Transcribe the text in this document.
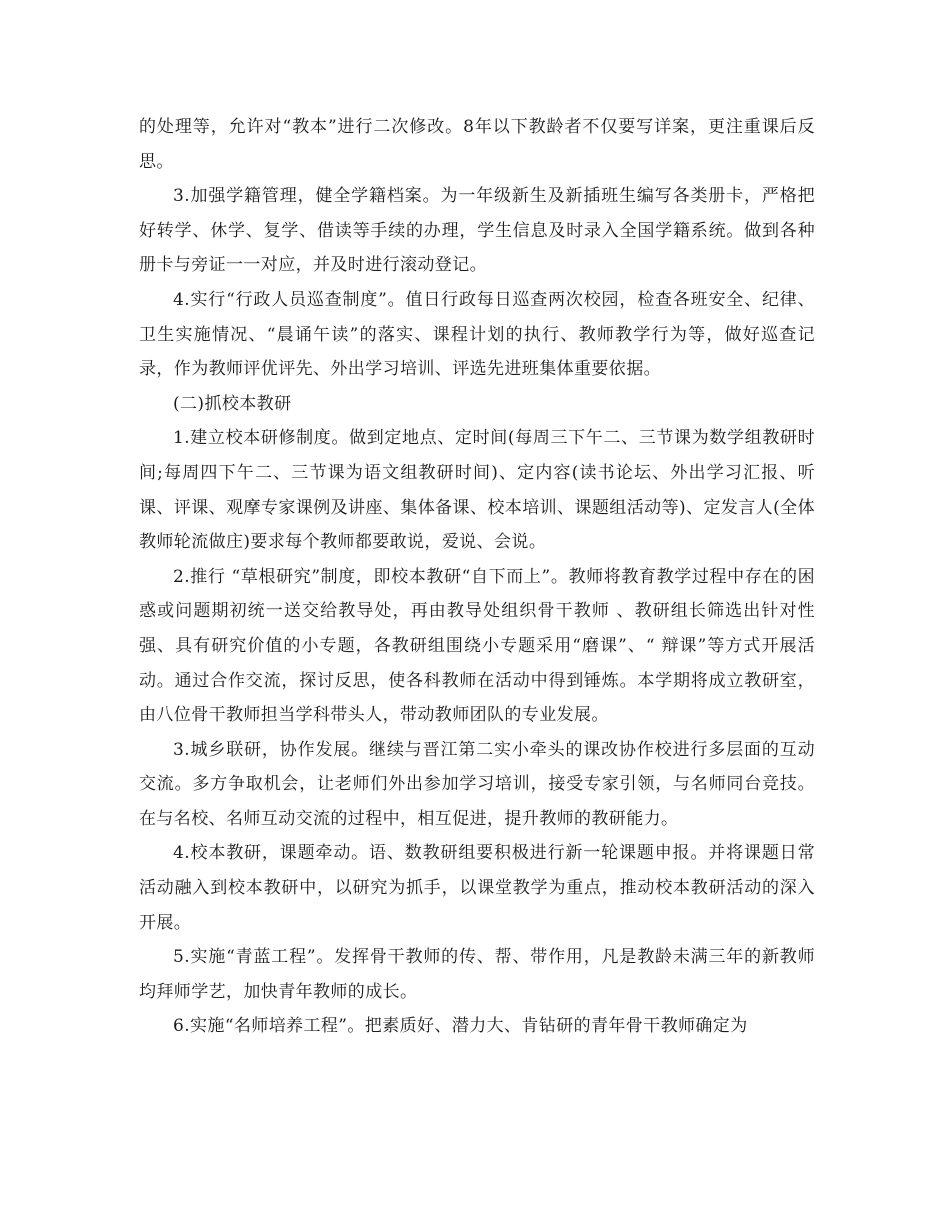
的处理等，允许对“教本”进行二次修改。8年以下教龄者不仅要写详案，更注重课后反思。

3.加强学籍管理，健全学籍档案。为一年级新生及新插班生编写各类册卡，严格把好转学、休学、复学、借读等手续的办理，学生信息及时录入全国学籍系统。做到各种册卡与旁证一一对应，并及时进行滚动登记。

4.实行“行政人员巡查制度”。值日行政每日巡查两次校园，检查各班安全、纪律、卫生实施情况、“晨诵午读”的落实、课程计划的执行、教师教学行为等，做好巡查记录，作为教师评优评先、外出学习培训、评选先进班集体重要依据。

(二)抓校本教研

1.建立校本研修制度。做到定地点、定时间(每周三下午二、三节课为数学组教研时间;每周四下午二、三节课为语文组教研时间)、定内容(读书论坛、外出学习汇报、听课、评课、观摩专家课例及讲座、集体备课、校本培训、课题组活动等)、定发言人(全体教师轮流做庄)要求每个教师都要敢说，爱说、会说。

2.推行 “草根研究”制度，即校本教研“自下而上”。教师将教育教学过程中存在的困惑或问题期初统一送交给教导处，再由教导处组织骨干教师 、教研组长筛选出针对性强、具有研究价值的小专题，各教研组围绕小专题采用“磨课”、“ 辩课”等方式开展活动。通过合作交流，探讨反思，使各科教师在活动中得到锤炼。本学期将成立教研室，由八位骨干教师担当学科带头人，带动教师团队的专业发展。

3.城乡联研，协作发展。继续与晋江第二实小牵头的课改协作校进行多层面的互动交流。多方争取机会，让老师们外出参加学习培训，接受专家引领，与名师同台竞技。在与名校、名师互动交流的过程中，相互促进，提升教师的教研能力。

4.校本教研，课题牵动。语、数教研组要积极进行新一轮课题申报。并将课题日常活动融入到校本教研中，以研究为抓手，以课堂教学为重点，推动校本教研活动的深入开展。

5.实施“青蓝工程”。发挥骨干教师的传、帮、带作用，凡是教龄未满三年的新教师均拜师学艺，加快青年教师的成长。

6.实施“名师培养工程”。把素质好、潜力大、肯钻研的青年骨干教师确定为
